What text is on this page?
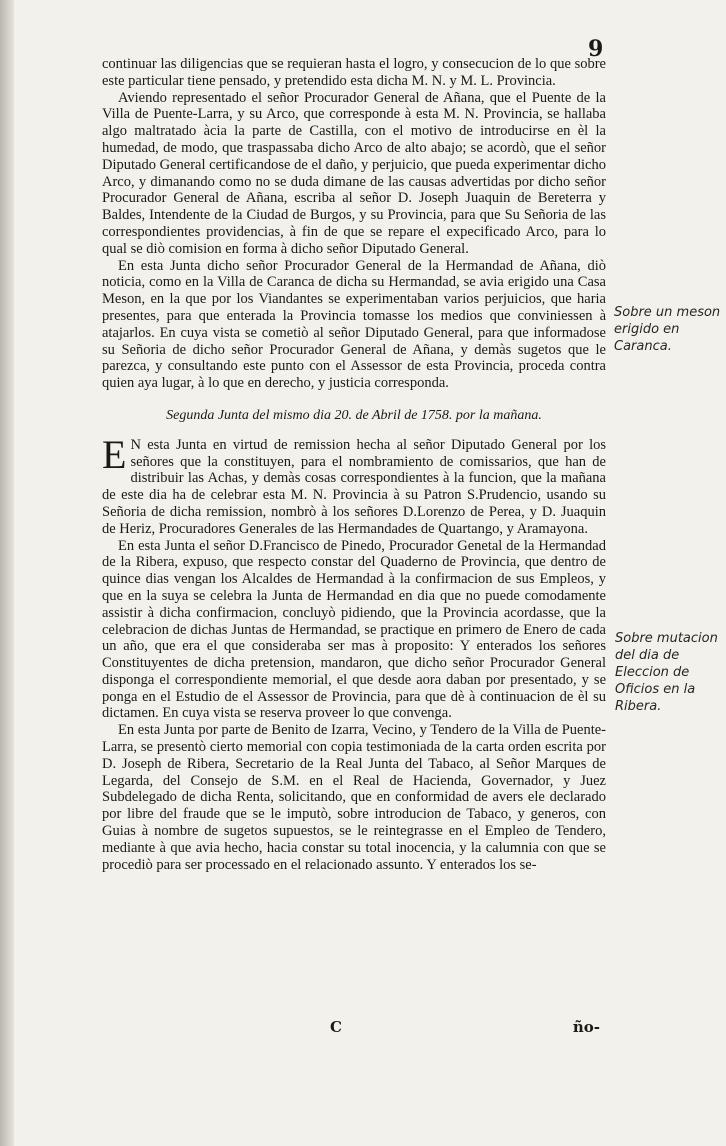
9

continuar las diligencias que se requieran hasta el logro, y consecucion de lo que sobre este particular tiene pensado, y pretendido esta dicha M. N. y M. L. Provincia.

Aviendo representado el señor Procurador General de Añana, que el Puente de la Villa de Puente-Larra, y su Arco, que corresponde à esta M. N. Provincia, se hallaba algo maltratado àcia la parte de Castilla, con el motivo de introducirse en èl la humedad, de modo, que traspassaba dicho Arco de alto abajo; se acordò, que el señor Diputado General certificandose de el daño, y perjuicio, que pueda experimentar dicho Arco, y dimanando como no se duda dimane de las causas advertidas por dicho señor Procurador General de Añana, escriba al señor D. Joseph Juaquin de Bereterra y Baldes, Intendente de la Ciudad de Burgos, y su Provincia, para que Su Señoria de las correspondientes providencias, à fin de que se repare el expecificado Arco, para lo qual se diò comision en forma à dicho señor Diputado General.

En esta Junta dicho señor Procurador General de la Hermandad de Añana, diò noticia, como en la Villa de Caranca de dicha su Hermandad, se avia erigido una Casa Meson, en la que por los Viandantes se experimentaban varios perjuicios, que haria presentes, para que enterada la Provincia tomasse los medios que conviniessen à atajarlos. En cuya vista se cometiò al señor Diputado General, para que informadose su Señoria de dicho señor Procurador General de Añana, y demàs sugetos que le parezca, y consultando este punto con el Assessor de esta Provincia, proceda contra quien aya lugar, à lo que en derecho, y justicia corresponda.

Segunda Junta del mismo dia 20. de Abril de 1758. por la mañana.

E N esta Junta en virtud de remission hecha al señor Diputado General por los señores que la constituyen, para el nombramiento de comissarios, que han de distribuir las Achas, y demàs cosas correspondientes à la funcion, que la mañana de este dia ha de celebrar esta M. N. Provincia à su Patron S.Prudencio, usando su Señoria de dicha remission, nombrò à los señores D.Lorenzo de Perea, y D. Juaquin de Heriz, Procuradores Generales de las Hermandades de Quartango, y Aramayona.

En esta Junta el señor D.Francisco de Pinedo, Procurador Genetal de la Hermandad de la Ribera, expuso, que respecto constar del Quaderno de Provincia, que dentro de quince dias vengan los Alcaldes de Hermandad à la confirmacion de sus Empleos, y que en la suya se celebra la Junta de Hermandad en dia que no puede comodamente assistir à dicha confirmacion, concluyò pidiendo, que la Provincia acordasse, que la celebracion de dichas Juntas de Hermandad, se practique en primero de Enero de cada un año, que era el que consideraba ser mas à proposito: Y enterados los señores Constituyentes de dicha pretension, mandaron, que dicho señor Procurador General disponga el correspondiente memorial, el que desde aora daban por presentado, y se ponga en el Estudio de el Assessor de Provincia, para que dè à continuacion de èl su dictamen. En cuya vista se reserva proveer lo que convenga.

En esta Junta por parte de Benito de Izarra, Vecino, y Tendero de la Villa de Puente-Larra, se presentò cierto memorial con copia testimoniada de la carta orden escrita por D. Joseph de Ribera, Secretario de la Real Junta del Tabaco, al Señor Marques de Legarda, del Consejo de S.M. en el Real de Hacienda, Governador, y Juez Subdelegado de dicha Renta, solicitando, que en conformidad de avers ele declarado por libre del fraude que se le imputò, sobre introducion de Tabaco, y generos, con Guias à nombre de sugetos supuestos, se le reintegrasse en el Empleo de Tendero, mediante à que avia hecho, hacia constar su total inocencia, y la calumnia con que se procediò para ser processado en el relacionado assunto. Y enterados los se-

Sobre un meson erigido en Caranca.
Sobre mutacion del dia de Eleccion de Oficios en la Ribera.
C	ño-
